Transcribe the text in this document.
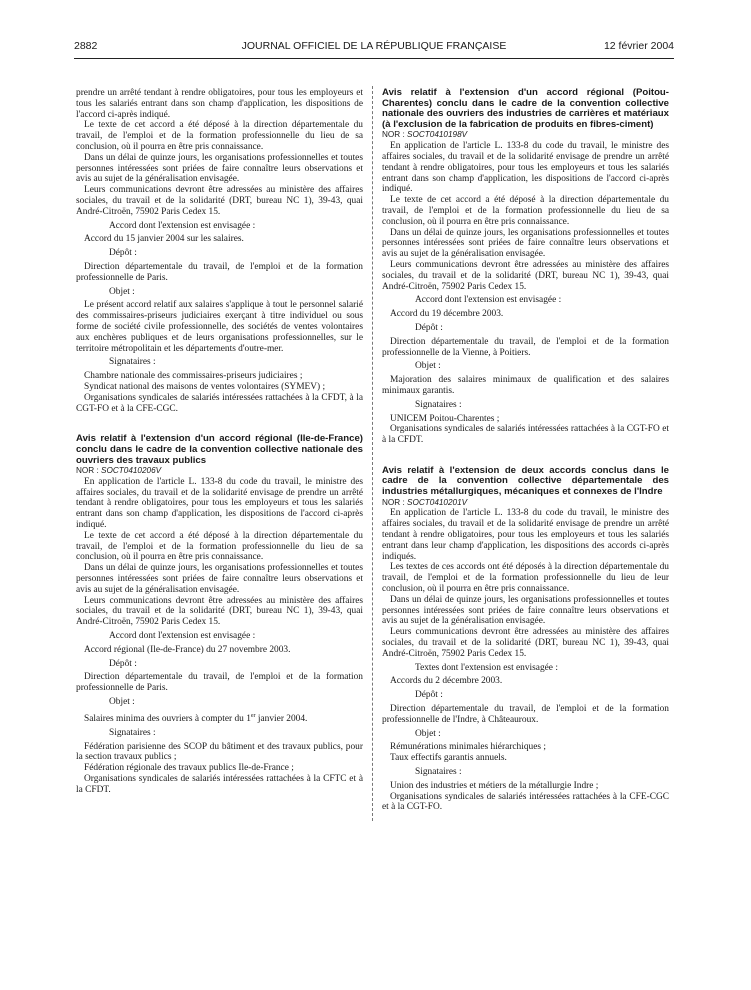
2882	JOURNAL OFFICIEL DE LA RÉPUBLIQUE FRANÇAISE	12 février 2004

prendre un arrêté tendant à rendre obligatoires, pour tous les employeurs et tous les salariés entrant dans son champ d'application, les dispositions de l'accord ci-après indiqué.

Le texte de cet accord a été déposé à la direction départementale du travail, de l'emploi et de la formation professionnelle du lieu de sa conclusion, où il pourra en être pris connaissance.

Dans un délai de quinze jours, les organisations professionnelles et toutes personnes intéressées sont priées de faire connaître leurs observations et avis au sujet de la généralisation envisagée.

Leurs communications devront être adressées au ministère des affaires sociales, du travail et de la solidarité (DRT, bureau NC 1), 39-43, quai André-Citroën, 75902 Paris Cedex 15.

Accord dont l'extension est envisagée :

Accord du 15 janvier 2004 sur les salaires.

Dépôt :

Direction départementale du travail, de l'emploi et de la formation professionnelle de Paris.

Objet :

Le présent accord relatif aux salaires s'applique à tout le personnel salarié des commissaires-priseurs judiciaires exerçant à titre individuel ou sous forme de société civile professionnelle, des sociétés de ventes volontaires aux enchères publiques et de leurs organisations professionnelles, sur le territoire métropolitain et les départements d'outre-mer.

Signataires :

Chambre nationale des commissaires-priseurs judiciaires ;

Syndicat national des maisons de ventes volontaires (SYMEV) ;

Organisations syndicales de salariés intéressées rattachées à la CFDT, à la CGT-FO et à la CFE-CGC.

Avis relatif à l'extension d'un accord régional (Ile-de-France) conclu dans le cadre de la convention collective nationale des ouvriers des travaux publics

NOR : SOCT0410206V

En application de l'article L. 133-8 du code du travail, le ministre des affaires sociales, du travail et de la solidarité envisage de prendre un arrêté tendant à rendre obligatoires, pour tous les employeurs et tous les salariés entrant dans son champ d'application, les dispositions de l'accord ci-après indiqué.

Le texte de cet accord a été déposé à la direction départementale du travail, de l'emploi et de la formation professionnelle du lieu de sa conclusion, où il pourra en être pris connaissance.

Dans un délai de quinze jours, les organisations professionnelles et toutes personnes intéressées sont priées de faire connaître leurs observations et avis au sujet de la généralisation envisagée.

Leurs communications devront être adressées au ministère des affaires sociales, du travail et de la solidarité (DRT, bureau NC 1), 39-43, quai André-Citroën, 75902 Paris Cedex 15.

Accord dont l'extension est envisagée :

Accord régional (Ile-de-France) du 27 novembre 2003.

Dépôt :

Direction départementale du travail, de l'emploi et de la formation professionnelle de Paris.

Objet :

Salaires minima des ouvriers à compter du 1er janvier 2004.

Signataires :

Fédération parisienne des SCOP du bâtiment et des travaux publics, pour la section travaux publics ;

Fédération régionale des travaux publics Ile-de-France ;

Organisations syndicales de salariés intéressées rattachées à la CFTC et à la CFDT.

Avis relatif à l'extension d'un accord régional (Poitou-Charentes) conclu dans le cadre de la convention collective nationale des ouvriers des industries de carrières et matériaux (à l'exclusion de la fabrication de produits en fibres-ciment)

NOR : SOCT0410198V

En application de l'article L. 133-8 du code du travail, le ministre des affaires sociales, du travail et de la solidarité envisage de prendre un arrêté tendant à rendre obligatoires, pour tous les employeurs et tous les salariés entrant dans son champ d'application, les dispositions de l'accord ci-après indiqué.

Le texte de cet accord a été déposé à la direction départementale du travail, de l'emploi et de la formation professionnelle du lieu de sa conclusion, où il pourra en être pris connaissance.

Dans un délai de quinze jours, les organisations professionnelles et toutes personnes intéressées sont priées de faire connaître leurs observations et avis au sujet de la généralisation envisagée.

Leurs communications devront être adressées au ministère des affaires sociales, du travail et de la solidarité (DRT, bureau NC 1), 39-43, quai André-Citroën, 75902 Paris Cedex 15.

Accord dont l'extension est envisagée :

Accord du 19 décembre 2003.

Dépôt :

Direction départementale du travail, de l'emploi et de la formation professionnelle de la Vienne, à Poitiers.

Objet :

Majoration des salaires minimaux de qualification et des salaires minimaux garantis.

Signataires :

UNICEM Poitou-Charentes ;

Organisations syndicales de salariés intéressées rattachées à la CGT-FO et à la CFDT.

Avis relatif à l'extension de deux accords conclus dans le cadre de la convention collective départementale des industries métallurgiques, mécaniques et connexes de l'Indre

NOR : SOCT0410201V

En application de l'article L. 133-8 du code du travail, le ministre des affaires sociales, du travail et de la solidarité envisage de prendre un arrêté tendant à rendre obligatoires, pour tous les employeurs et tous les salariés entrant dans leur champ d'application, les dispositions des accords ci-après indiqués.

Les textes de ces accords ont été déposés à la direction départementale du travail, de l'emploi et de la formation professionnelle du lieu de leur conclusion, où il pourra en être pris connaissance.

Dans un délai de quinze jours, les organisations professionnelles et toutes personnes intéressées sont priées de faire connaître leurs observations et avis au sujet de la généralisation envisagée.

Leurs communications devront être adressées au ministère des affaires sociales, du travail et de la solidarité (DRT, bureau NC 1), 39-43, quai André-Citroën, 75902 Paris Cedex 15.

Textes dont l'extension est envisagée :

Accords du 2 décembre 2003.

Dépôt :

Direction départementale du travail, de l'emploi et de la formation professionnelle de l'Indre, à Châteauroux.

Objet :

Rémunérations minimales hiérarchiques ;

Taux effectifs garantis annuels.

Signataires :

Union des industries et métiers de la métallurgie Indre ;

Organisations syndicales de salariés intéressées rattachées à la CFE-CGC et à la CGT-FO.
